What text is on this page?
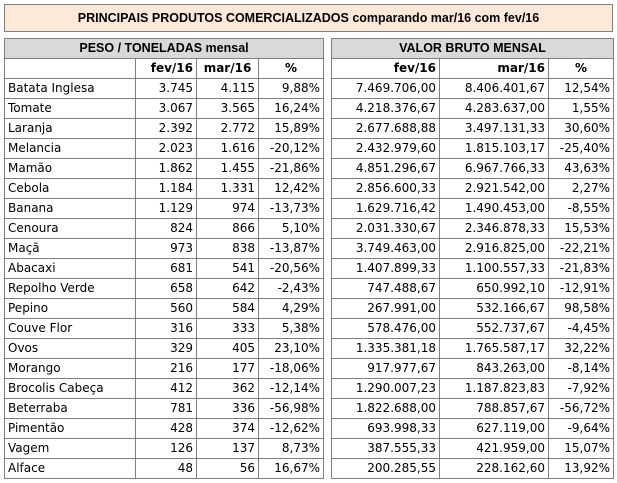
PRINCIPAIS PRODUTOS COMERCIALIZADOS comparando mar/16 com fev/16
PESO / TONELADAS mensal			
	fev/16	mar/16	%
Batata Inglesa	3.745	4.115	9,88%
Tomate	3.067	3.565	16,24%
Laranja	2.392	2.772	15,89%
Melancia	2.023	1.616	-20,12%
Mamão	1.862	1.455	-21,86%
Cebola	1.184	1.331	12,42%
Banana	1.129	974	-13,73%
Cenoura	824	866	5,10%
Maçã	973	838	-13,87%
Abacaxi	681	541	-20,56%
Repolho Verde	658	642	-2,43%
Pepino	560	584	4,29%
Couve Flor	316	333	5,38%
Ovos	329	405	23,10%
Morango	216	177	-18,06%
Brocolis Cabeça	412	362	-12,14%
Beterraba	781	336	-56,98%
Pimentão	428	374	-12,62%
Vagem	126	137	8,73%
Alface	48	56	16,67%
VALOR BRUTO MENSAL		
fev/16	mar/16	%
7.469.706,00	8.406.401,67	12,54%
4.218.376,67	4.283.637,00	1,55%
2.677.688,88	3.497.131,33	30,60%
2.432.979,60	1.815.103,17	-25,40%
4.851.296,67	6.967.766,33	43,63%
2.856.600,33	2.921.542,00	2,27%
1.629.716,42	1.490.453,00	-8,55%
2.031.330,67	2.346.878,33	15,53%
3.749.463,00	2.916.825,00	-22,21%
1.407.899,33	1.100.557,33	-21,83%
747.488,67	650.992,10	-12,91%
267.991,00	532.166,67	98,58%
578.476,00	552.737,67	-4,45%
1.335.381,18	1.765.587,17	32,22%
917.977,67	843.263,00	-8,14%
1.290.007,23	1.187.823,83	-7,92%
1.822.688,00	788.857,67	-56,72%
693.998,33	627.119,00	-9,64%
387.555,33	421.959,00	15,07%
200.285,55	228.162,60	13,92%
